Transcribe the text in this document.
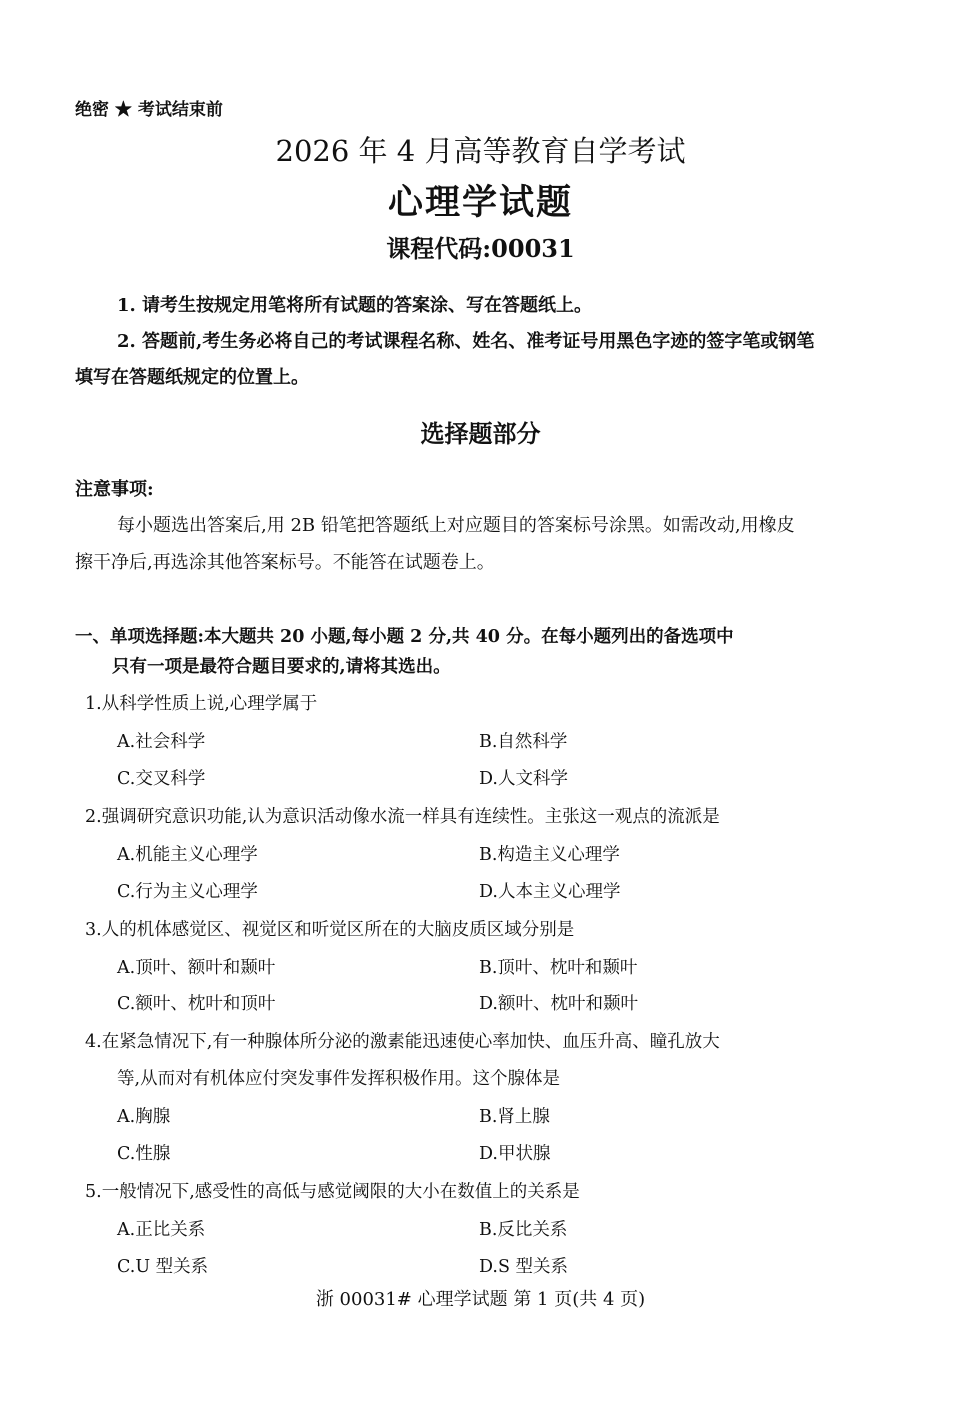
绝密 ★ 考试结束前
2026 年 4 月高等教育自学考试
心理学试题
课程代码:00031
1. 请考生按规定用笔将所有试题的答案涂、写在答题纸上。
2. 答题前,考生务必将自己的考试课程名称、姓名、准考证号用黑色字迹的签字笔或钢笔
填写在答题纸规定的位置上。
选择题部分
注意事项:
每小题选出答案后,用 2B 铅笔把答题纸上对应题目的答案标号涂黑。如需改动,用橡皮
擦干净后,再选涂其他答案标号。不能答在试题卷上。
一、单项选择题:本大题共 20 小题,每小题 2 分,共 40 分。在每小题列出的备选项中
只有一项是最符合题目要求的,请将其选出。
1.从科学性质上说,心理学属于
A.社会科学	B.自然科学
C.交叉科学	D.人文科学
2.强调研究意识功能,认为意识活动像水流一样具有连续性。主张这一观点的流派是
A.机能主义心理学	B.构造主义心理学
C.行为主义心理学	D.人本主义心理学
3.人的机体感觉区、视觉区和听觉区所在的大脑皮质区域分别是
A.顶叶、额叶和颞叶	B.顶叶、枕叶和颞叶
C.额叶、枕叶和顶叶	D.额叶、枕叶和颞叶
4.在紧急情况下,有一种腺体所分泌的激素能迅速使心率加快、血压升高、瞳孔放大
等,从而对有机体应付突发事件发挥积极作用。这个腺体是
A.胸腺	B.肾上腺
C.性腺	D.甲状腺
5.一般情况下,感受性的高低与感觉阈限的大小在数值上的关系是
A.正比关系	B.反比关系
C.U 型关系	D.S 型关系
浙 00031# 心理学试题 第 1 页(共 4 页)
